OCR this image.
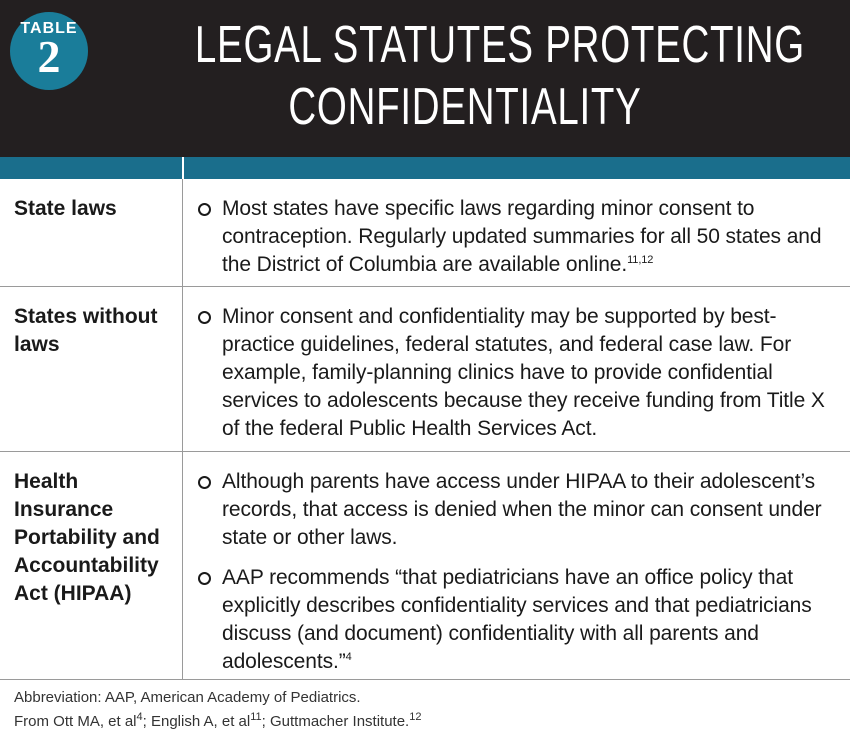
TABLE
2	LEGAL STATUTES PROTECTING
CONFIDENTIALITY
State laws	Most states have specific laws regarding minor consent to contraception. Regularly updated summaries for all 50 states and the District of Columbia are available online.$^{11,12}$
States without laws
Minor consent and confidentiality may be supported by best-practice guidelines, federal statutes, and federal case law. For example, family-planning clinics have to provide confidential services to adolescents because they receive funding from Title X of the federal Public Health Services Act.
Health Insurance Portability and Accountability Act (HIPAA)
Although parents have access under HIPAA to their adolescent’s records, that access is denied when the minor can consent under state or other laws.
AAP recommends “that pediatricians have an office policy that explicitly describes confidentiality services and that pediatricians discuss (and document) confidentiality with all parents and adolescents.”$^4$

Abbreviation: AAP, American Academy of Pediatrics.

From Ott MA, et $al^4$; English A, et $al^{11}$; Guttmacher Institute.$^{12}$
